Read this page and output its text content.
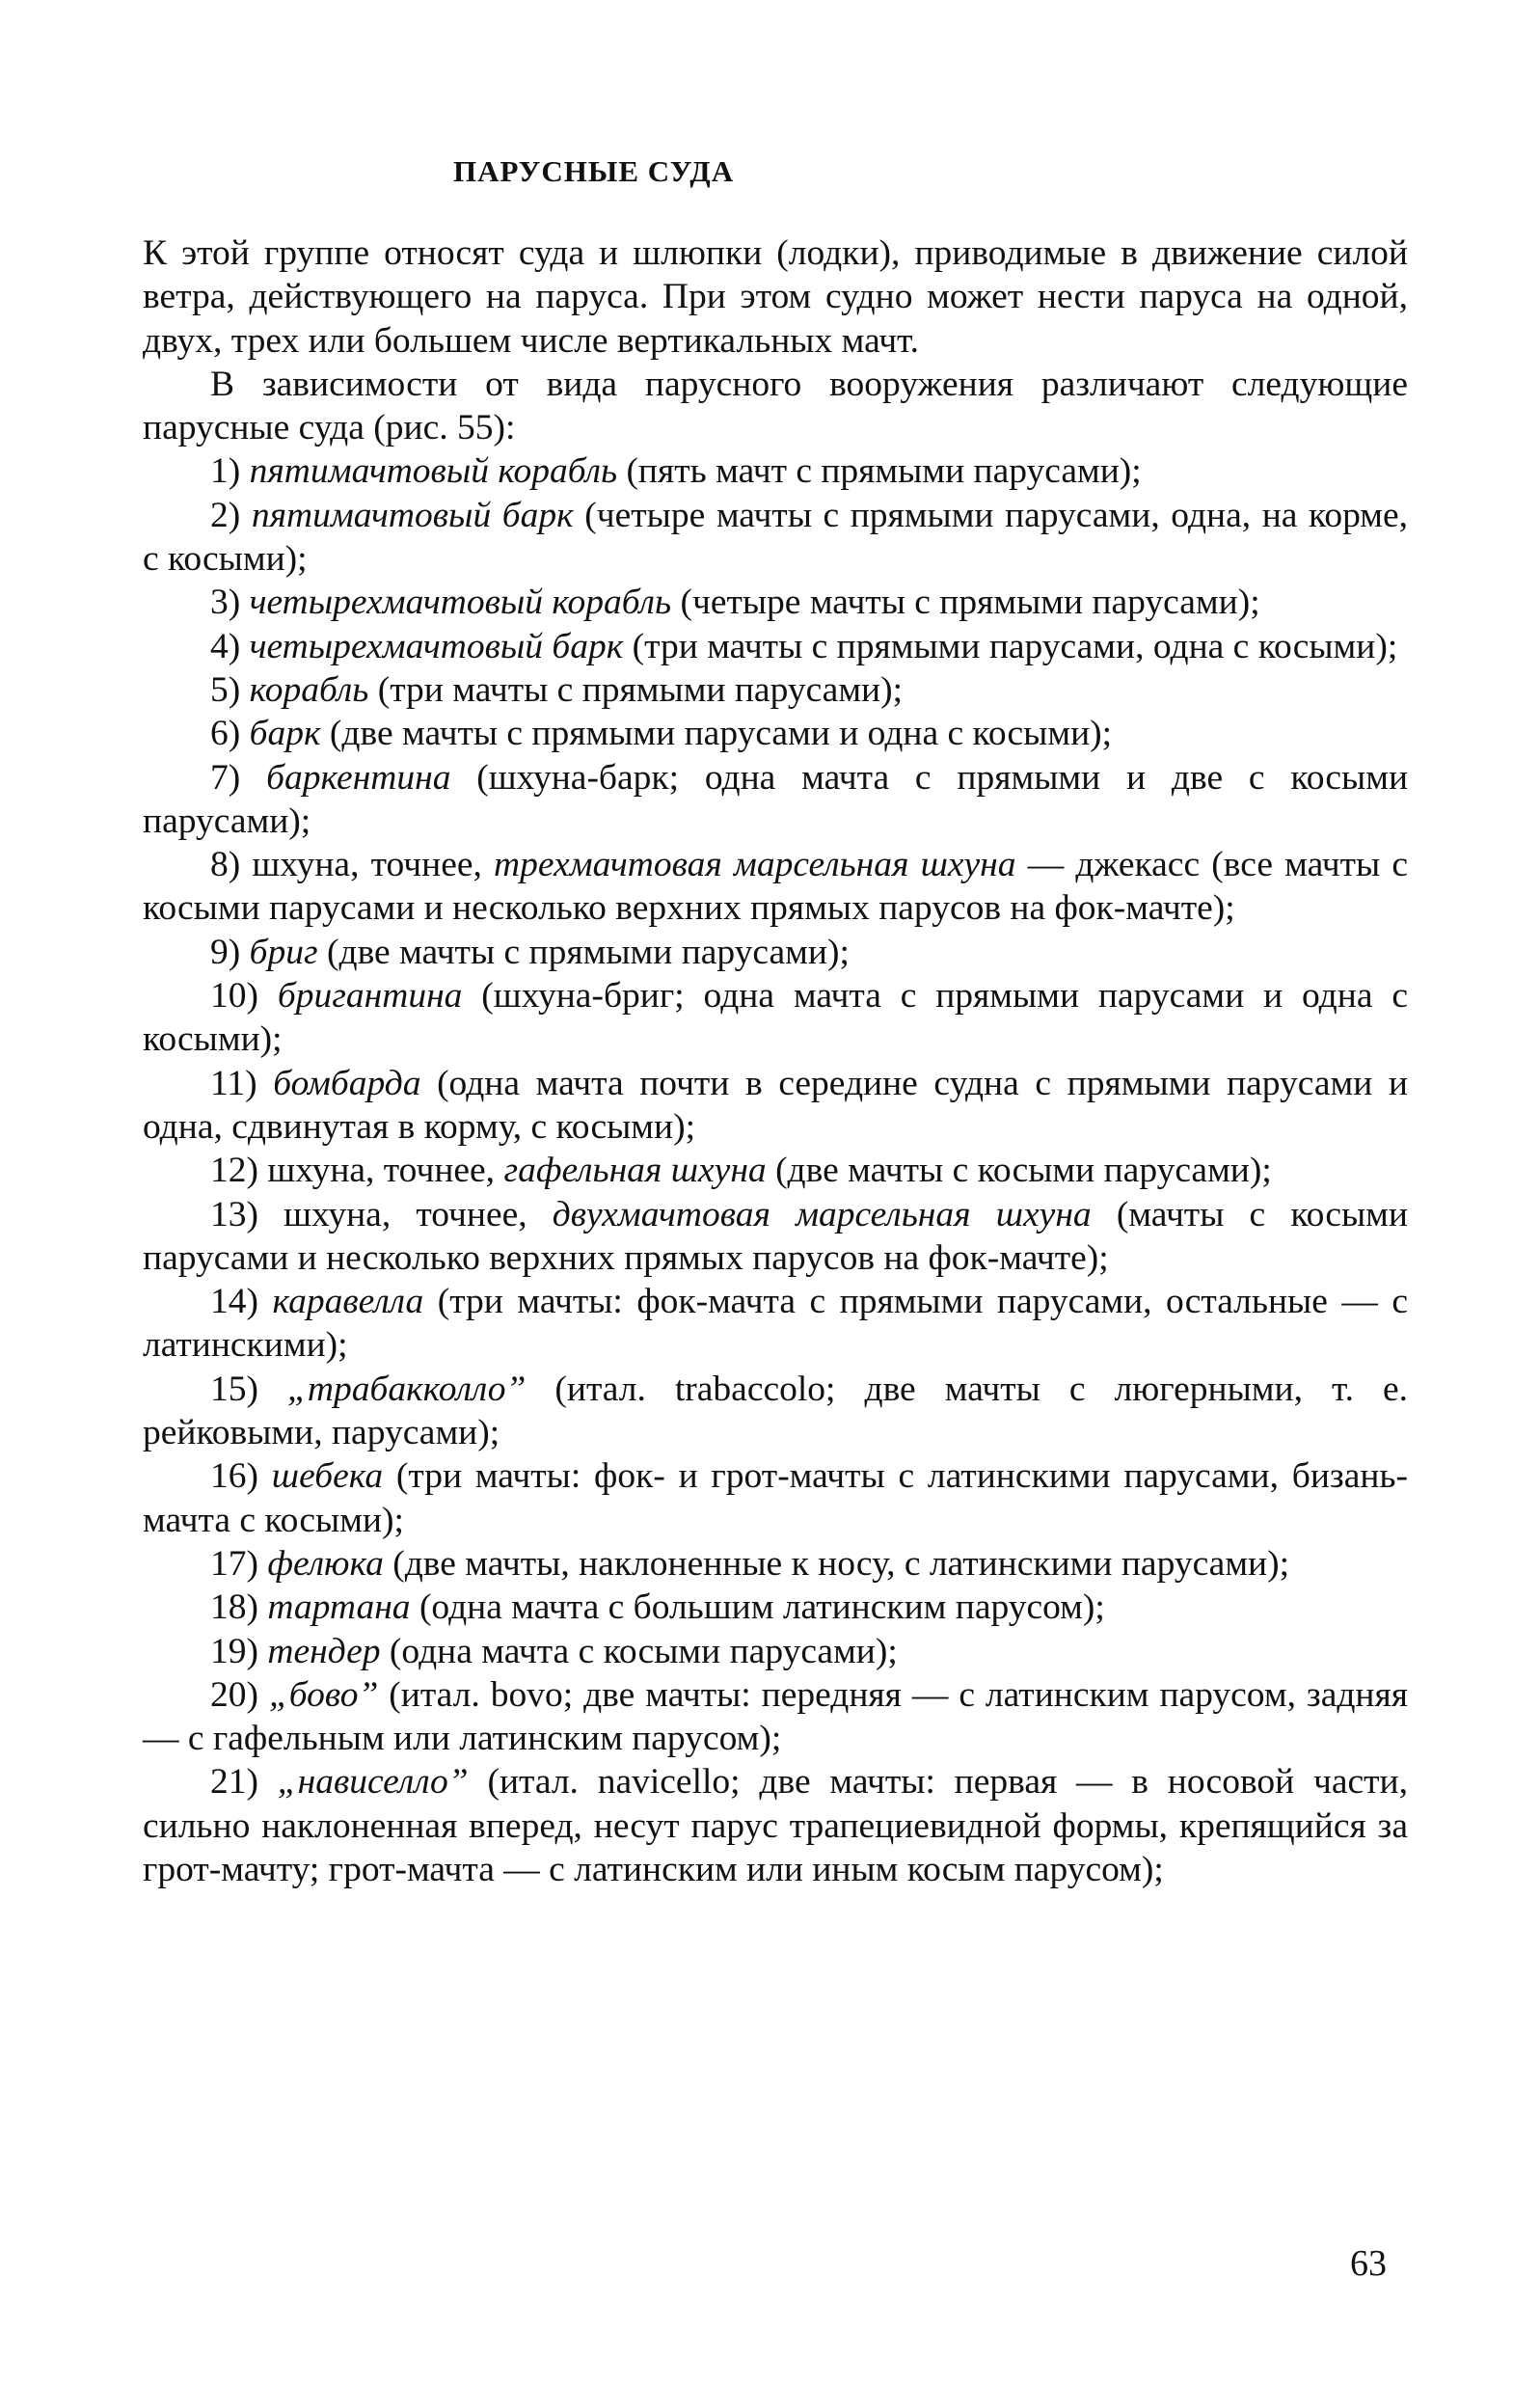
ПАРУСНЫЕ СУДА

К этой группе относят суда и шлюпки (лодки), приводимые в движение силой ветра, действующего на паруса. При этом судно может нести паруса на одной, двух, трех или большем числе вертикальных мачт.

В зависимости от вида парусного вооружения различают следующие парусные суда (рис. 55):

1) пятимачтовый корабль (пять мачт с прямыми парусами);

2) пятимачтовый барк (четыре мачты с прямыми парусами, одна, на корме, с косыми);

3) четырехмачтовый корабль (четыре мачты с прямыми парусами);

4) четырехмачтовый барк (три мачты с прямыми парусами, одна с косыми);

5) корабль (три мачты с прямыми парусами);

6) барк (две мачты с прямыми парусами и одна с косыми);

7) баркентина (шхуна-барк; одна мачта с прямыми и две с косыми парусами);

8) шхуна, точнее, трехмачтовая марсельная шхуна — джекасс (все мачты с косыми парусами и несколько верхних прямых парусов на фок-мачте);

9) бриг (две мачты с прямыми парусами);

10) бригантина (шхуна-бриг; одна мачта с прямыми парусами и одна с косыми);

11) бомбарда (одна мачта почти в середине судна с прямыми парусами и одна, сдвинутая в корму, с косыми);

12) шхуна, точнее, гафельная шхуна (две мачты с косыми парусами);

13) шхуна, точнее, двухмачтовая марсельная шхуна (мачты с косыми парусами и несколько верхних прямых парусов на фок-мачте);

14) каравелла (три мачты: фок-мачта с прямыми парусами, остальные — с латинскими);

15) „трабакколло” (итал. trabaccolo; две мачты с люгерными, т. е. рейковыми, парусами);

16) шебека (три мачты: фок- и грот-мачты с латинскими парусами, бизань-мачта с косыми);

17) фелюка (две мачты, наклоненные к носу, с латинскими парусами);

18) тартана (одна мачта с большим латинским парусом);

19) тендер (одна мачта с косыми парусами);

20) „бово” (итал. bovo; две мачты: передняя — с латинским парусом, задняя — с гафельным или латинским парусом);

21) „нависелло” (итал. navicello; две мачты: первая — в носовой части, сильно наклоненная вперед, несут парус трапециевидной формы, крепящийся за грот-мачту; грот-мачта — с латинским или иным косым парусом);

63
